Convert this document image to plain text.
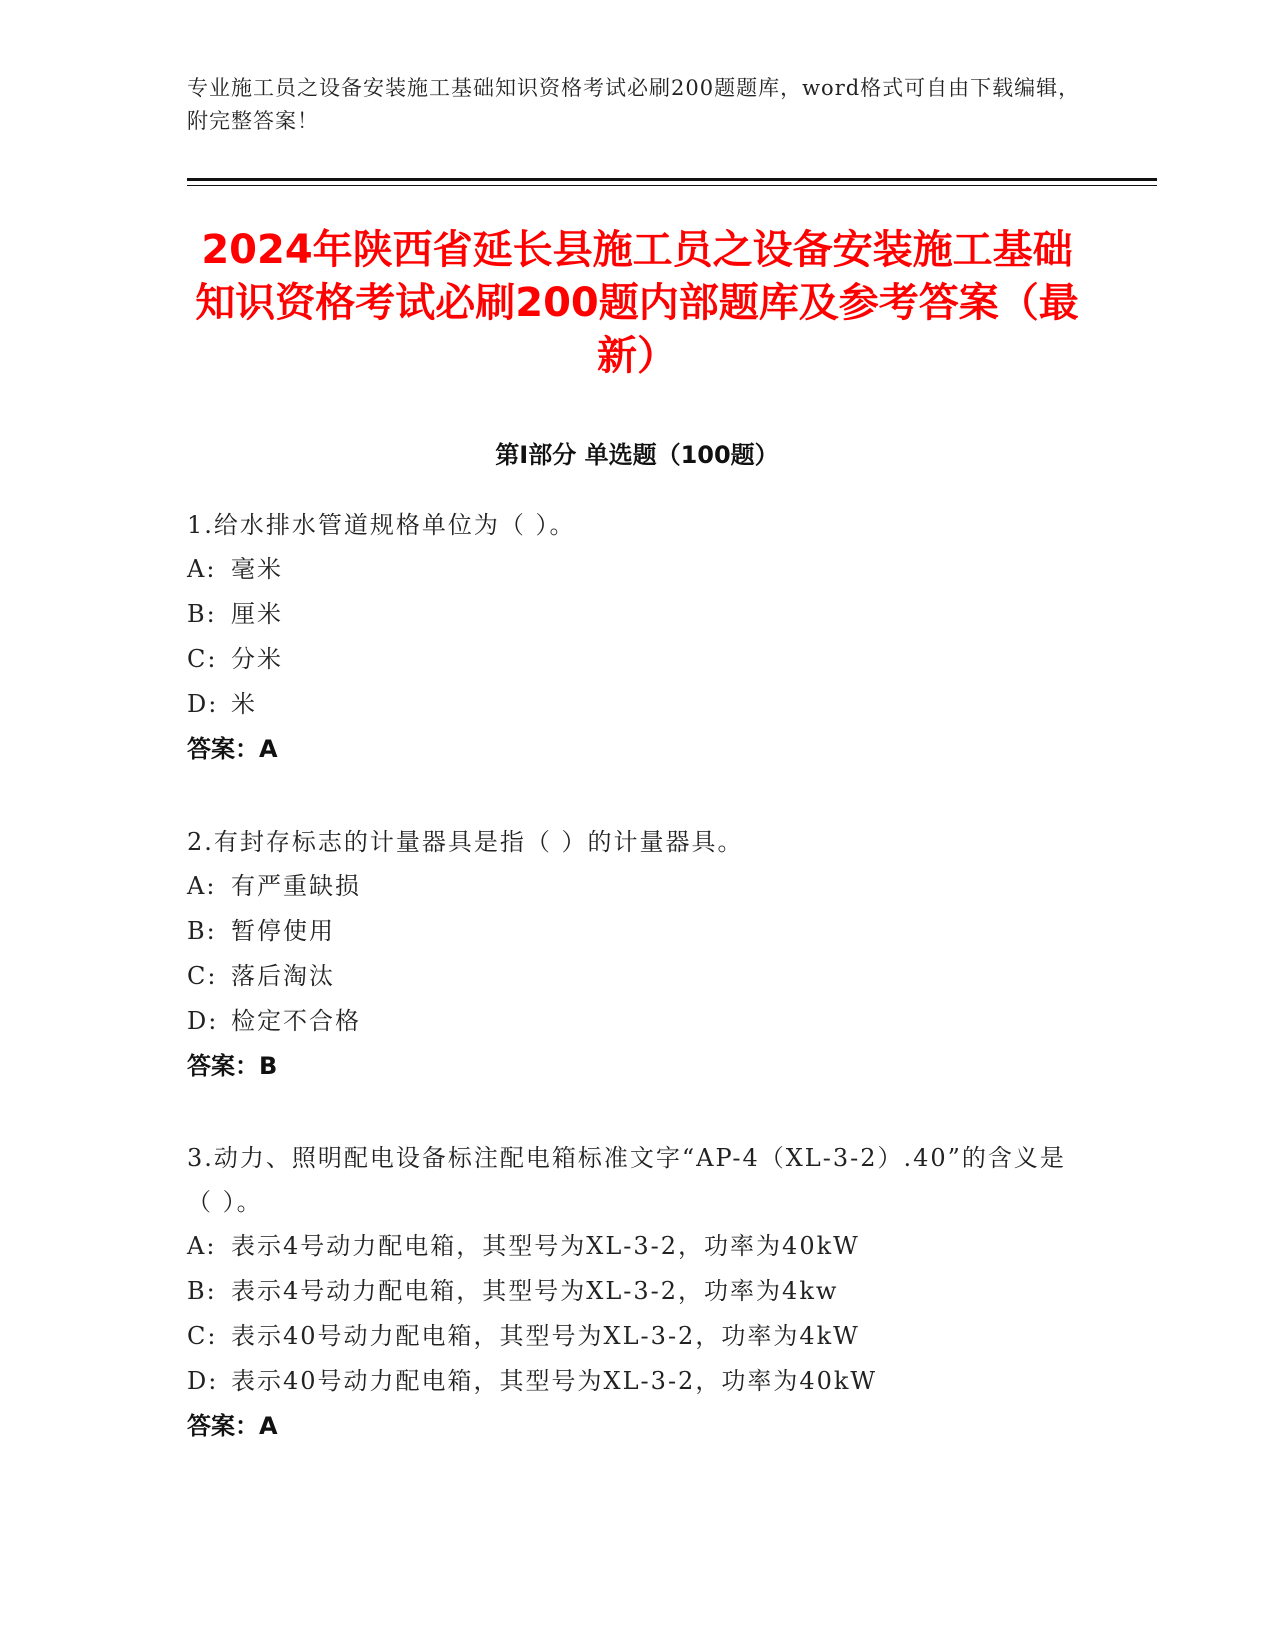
专业施工员之设备安装施工基础知识资格考试必刷200题题库，word格式可自由下载编辑，附完整答案！
2024年陕西省延长县施工员之设备安装施工基础知识资格考试必刷200题内部题库及参考答案（最新）
第Ⅰ部分 单选题（100题）
1.给水排水管道规格单位为（ ）。
A: 毫米
B: 厘米
C: 分米
D: 米
答案：A
2.有封存标志的计量器具是指（ ）的计量器具。
A: 有严重缺损
B: 暂停使用
C: 落后淘汰
D: 检定不合格
答案：B
3.动力、照明配电设备标注配电箱标准文字“AP-4（XL-3-2）.40”的含义是（ ）。
A: 表示4号动力配电箱，其型号为XL-3-2，功率为40kW
B: 表示4号动力配电箱，其型号为XL-3-2，功率为4kw
C: 表示40号动力配电箱，其型号为XL-3-2，功率为4kW
D: 表示40号动力配电箱，其型号为XL-3-2，功率为40kW
答案：A
